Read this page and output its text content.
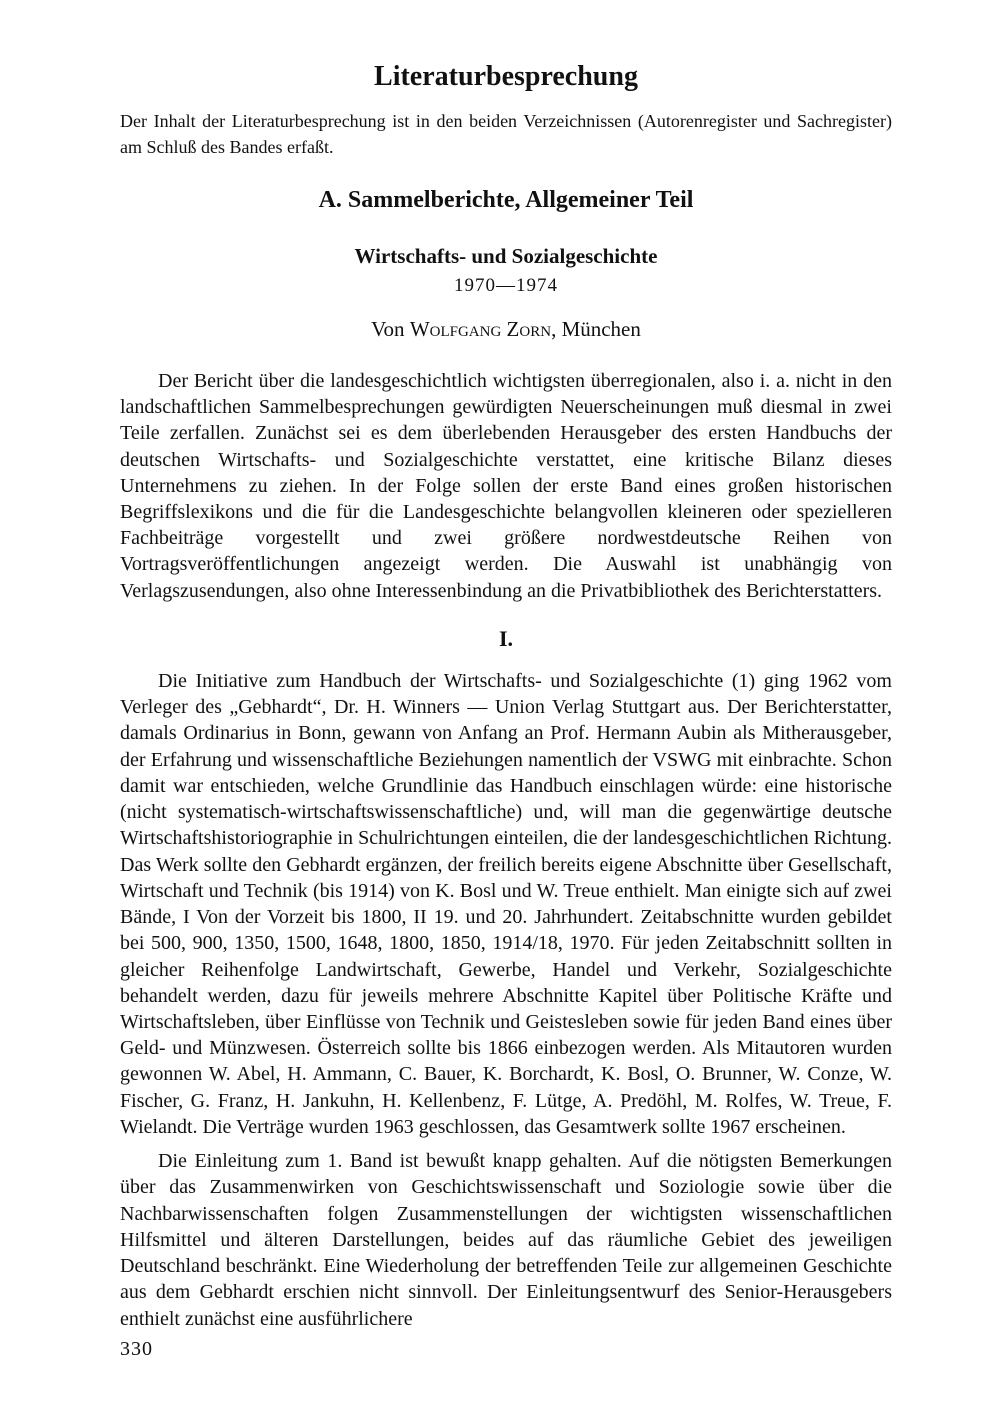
Literaturbesprechung

Der Inhalt der Literaturbesprechung ist in den beiden Verzeichnissen (Autorenregister und Sachregister) am Schluß des Bandes erfaßt.

A. Sammelberichte, Allgemeiner Teil
Wirtschafts- und Sozialgeschichte
1970—1974
Von Wolfgang Zorn, München

Der Bericht über die landesgeschichtlich wichtigsten überregionalen, also i. a. nicht in den landschaftlichen Sammelbesprechungen gewürdigten Neuerscheinungen muß diesmal in zwei Teile zerfallen. Zunächst sei es dem überlebenden Herausgeber des ersten Handbuchs der deutschen Wirtschafts- und Sozialgeschichte verstattet, eine kritische Bilanz dieses Unternehmens zu ziehen. In der Folge sollen der erste Band eines großen historischen Begriffslexikons und die für die Landesgeschichte belangvollen kleineren oder spezielleren Fachbeiträge vorgestellt und zwei größere nordwestdeutsche Reihen von Vortragsveröffentlichungen angezeigt werden. Die Auswahl ist unabhängig von Verlagszusendungen, also ohne Interessenbindung an die Privatbibliothek des Berichterstatters.

I.

Die Initiative zum Handbuch der Wirtschafts- und Sozialgeschichte (1) ging 1962 vom Verleger des „Gebhardt“, Dr. H. Winners — Union Verlag Stuttgart aus. Der Berichterstatter, damals Ordinarius in Bonn, gewann von Anfang an Prof. Hermann Aubin als Mitherausgeber, der Erfahrung und wissenschaftliche Beziehungen namentlich der VSWG mit einbrachte. Schon damit war entschieden, welche Grundlinie das Handbuch einschlagen würde: eine historische (nicht systematisch-wirtschaftswissenschaftliche) und, will man die gegenwärtige deutsche Wirtschaftshistoriographie in Schulrichtungen einteilen, die der landesgeschichtlichen Richtung. Das Werk sollte den Gebhardt ergänzen, der freilich bereits eigene Abschnitte über Gesellschaft, Wirtschaft und Technik (bis 1914) von K. Bosl und W. Treue enthielt. Man einigte sich auf zwei Bände, I Von der Vorzeit bis 1800, II 19. und 20. Jahrhundert. Zeitabschnitte wurden gebildet bei 500, 900, 1350, 1500, 1648, 1800, 1850, 1914/18, 1970. Für jeden Zeitabschnitt sollten in gleicher Reihenfolge Landwirtschaft, Gewerbe, Handel und Verkehr, Sozialgeschichte behandelt werden, dazu für jeweils mehrere Abschnitte Kapitel über Politische Kräfte und Wirtschaftsleben, über Einflüsse von Technik und Geistesleben sowie für jeden Band eines über Geld- und Münzwesen. Österreich sollte bis 1866 einbezogen werden. Als Mitautoren wurden gewonnen W. Abel, H. Ammann, C. Bauer, K. Borchardt, K. Bosl, O. Brunner, W. Conze, W. Fischer, G. Franz, H. Jankuhn, H. Kellenbenz, F. Lütge, A. Predöhl, M. Rolfes, W. Treue, F. Wielandt. Die Verträge wurden 1963 geschlossen, das Gesamtwerk sollte 1967 erscheinen.

Die Einleitung zum 1. Band ist bewußt knapp gehalten. Auf die nötigsten Bemerkungen über das Zusammenwirken von Geschichtswissenschaft und Soziologie sowie über die Nachbarwissenschaften folgen Zusammenstellungen der wichtigsten wissenschaftlichen Hilfsmittel und älteren Darstellungen, beides auf das räumliche Gebiet des jeweiligen Deutschland beschränkt. Eine Wiederholung der betreffenden Teile zur allgemeinen Geschichte aus dem Gebhardt erschien nicht sinnvoll. Der Einleitungsentwurf des Senior-Herausgebers enthielt zunächst eine ausführlichere

330
